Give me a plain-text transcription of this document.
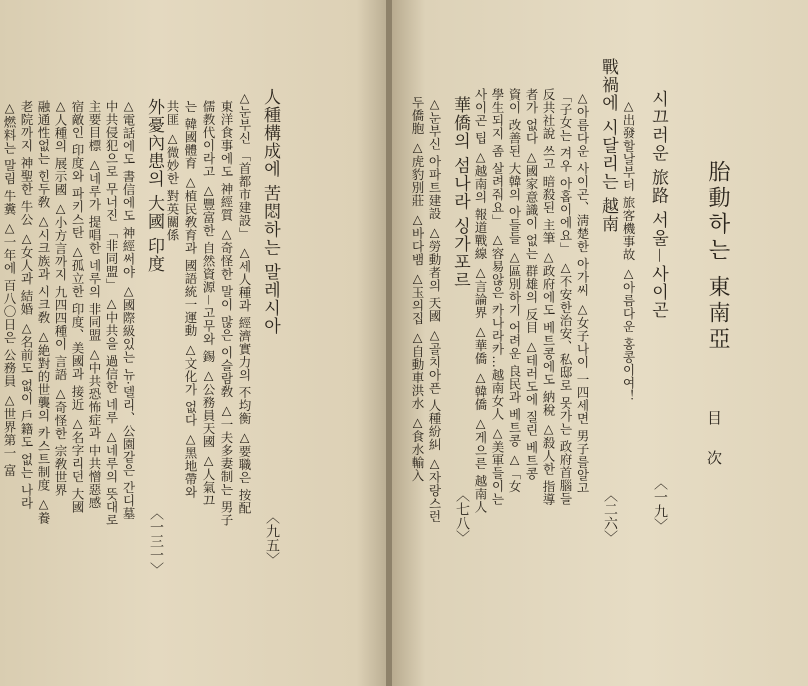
人種構成에 苦悶하는 말레시아
〈九五〉
△눈부신 「首都市建設」 △세人種과 經濟實力의 不均衡 △要職은 按配
東洋食事에도 神經質 △奇怪한 말이 많은 이슬람敎 △一夫多妻制는 男子
儒教代이라고 △豐富한 自然資源－고무와 錫 △公務員天國 △人氣끄
는 韓國體育 △植民敎育과 國語統一運動 △文化가 없다 △黑地帶와
共匪 △微妙한 對英關係
外憂內患의 大國 印度
〈一三一〉
△電話에도 書信에도 神經써야 △國際級있는 뉴·델리、公園같은 간디墓
中共侵犯으로 무너진 「非同盟」 △中共을 過信한 네루 △네루의 뜻대로
主要目標 △네루가 提唱한 네루의 非同盟 △中共恐怖症과 中共憎惡感
宿敵인 印度와 파키스탄 △孤立한 印度、美國과 接近 △名字리던 大國
△人種의 展示國 △小方言까지 九四四種이 言語 △奇怪한 宗敎世界
融通性없는 힌두敎 △시크族과 시크敎 △絶對的世襲의 카스트制度 △養
老院까지 神聖한 牛公 △女人과 結婚 △名前도 없이 戶籍도 없는 나라
△燃料는 말림 牛糞 △一年에 百八〇日은 公務員 △世界第一 富	胎動하는 東南亞
目 次
시끄러운 旅路 서울－사이곤
〈一九〉
△出發할날부터 旅客機事故 △아름다운 홍콩이여！
戰禍에 시달리는 越南
〈二六〉
△아름다운 사이곤、淸楚한 아가씨 △女子나이 一四세면 男子를알고
「子女는 겨우 아홉이에요」 △不安한治安、私邸로 못가는 政府首腦들
反共社說 쓰고 暗殺된 主筆 △政府에도 베트콩에도 納稅 △殺人한 指導
者가 없다 △國家意識이 없는 群雄의 反目 △테러도에 질린 베트콩
資이 改善된 大韓의 아들들 △區別하기 어려운 良民과 베트콩 △「女
學生되지 좀 살려줘요」 △容易않은 카나라카…越南女人 △美軍들이는
사이곤 팁 △越南의 報道戰線 △言論界 △華僑 △韓僑 △게으른 越南人
華僑의 섬나라 싱가포르
〈七八〉
△눈부신 아파트建設 △勞動者의 天國 △골치아픈 人種紛糾 △자랑스런
두僑胞 △虎豹別莊 △바다뱀 △玉의집 △自動車洪水 △食水輸入
